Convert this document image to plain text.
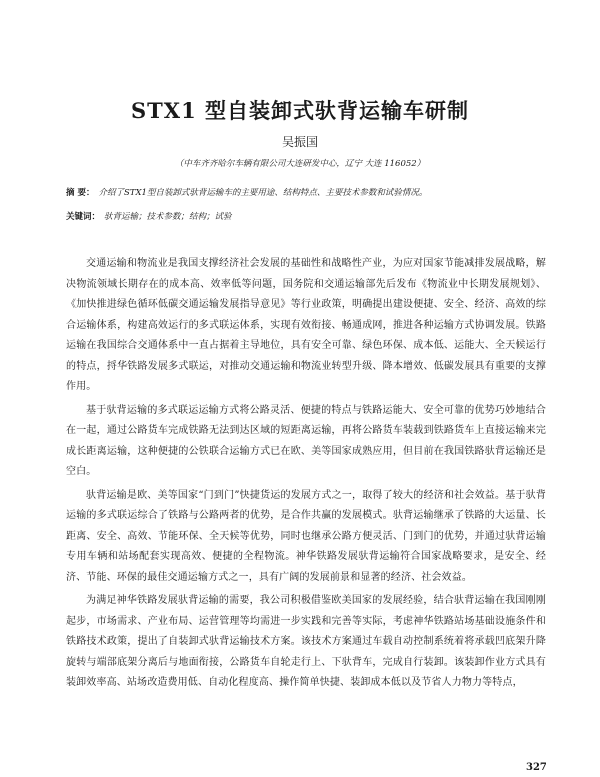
STX1 型自装卸式驮背运输车研制
吴振国
（中车齐齐哈尔车辆有限公司大连研发中心，辽宁 大连 116052）
摘 要： 介绍了STX1型自装卸式驮背运输车的主要用途、结构特点、主要技术参数和试验情况。
关键词： 驮背运输；技术参数；结构；试验

交通运输和物流业是我国支撑经济社会发展的基础性和战略性产业，为应对国家节能减排发展战略，解决物流领域长期存在的成本高、效率低等问题，国务院和交通运输部先后发布《物流业中长期发展规划》、《加快推进绿色循环低碳交通运输发展指导意见》等行业政策，明确提出建设便捷、安全、经济、高效的综合运输体系，构建高效运行的多式联运体系，实现有效衔接、畅通成网，推进各种运输方式协调发展。铁路运输在我国综合交通体系中一直占据着主导地位，具有安全可靠、绿色环保、成本低、运能大、全天候运行的特点，捋华铁路发展多式联运，对推动交通运输和物流业转型升级、降本增效、低碳发展具有重要的支撑作用。

基于驮背运输的多式联运运输方式将公路灵活、便捷的特点与铁路运能大、安全可靠的优势巧妙地结合在一起，通过公路货车完成铁路无法到达区域的短距离运输，再将公路货车装载到铁路货车上直接运输来完成长距离运输，这种便捷的公铁联合运输方式已在欧、美等国家成熟应用，但目前在我国铁路驮背运输还是空白。

驮背运输是欧、美等国家“门到门”快捷货运的发展方式之一，取得了较大的经济和社会效益。基于驮背运输的多式联运综合了铁路与公路两者的优势，是合作共赢的发展模式。驮背运输继承了铁路的大运量、长距离、安全、高效、节能环保、全天候等优势，同时也继承公路方便灵活、门到门的优势，并通过驮背运输专用车辆和站场配套实现高效、便捷的全程物流。神华铁路发展驮背运输符合国家战略要求，是安全、经济、节能、环保的最佳交通运输方式之一，具有广阔的发展前景和显著的经济、社会效益。

为满足神华铁路发展驮背运输的需要，我公司积极借鉴欧美国家的发展经验，结合驮背运输在我国刚刚起步，市场需求、产业布局、运营管理等均需进一步实践和完善等实际，考虑神华铁路站场基础设施条件和铁路技术政策，提出了自装卸式驮背运输技术方案。该技术方案通过车载自动控制系统着将承载凹底架升降旋转与端部底架分离后与地面衔接，公路货车自轮走行上、下驮背车，完成自行装卸。该装卸作业方式具有装卸效率高、站场改造费用低、自动化程度高、操作简单快捷、装卸成本低以及节省人力物力等特点，

327
